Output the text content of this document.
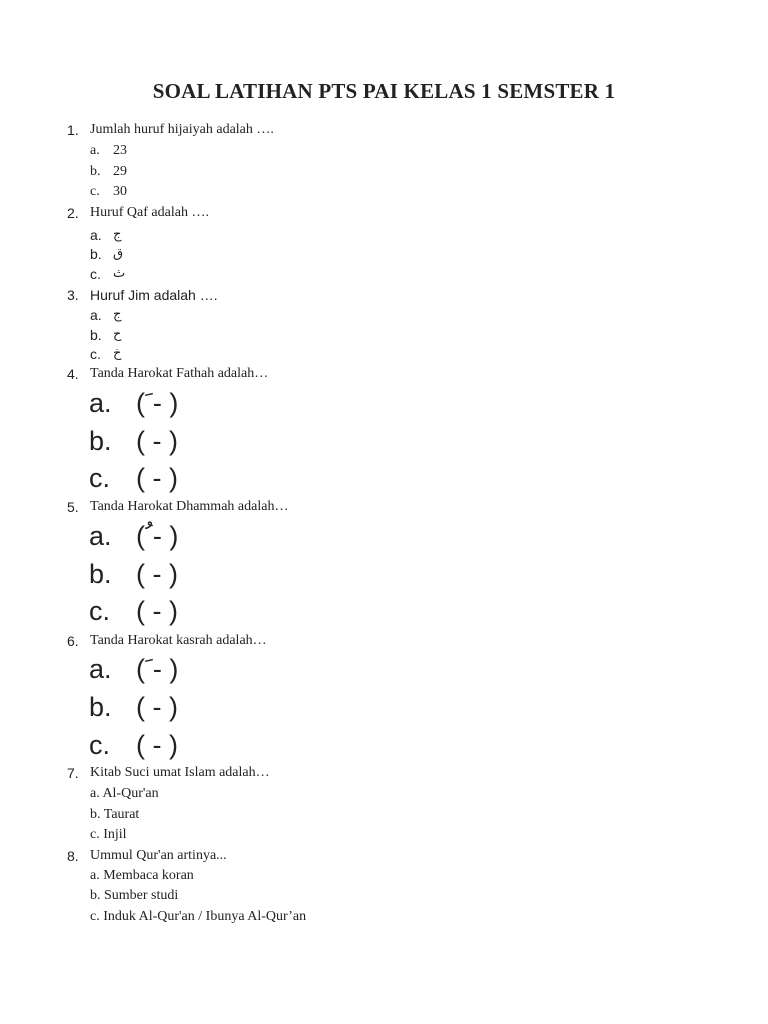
SOAL LATIHAN PTS PAI KELAS 1 SEMSTER 1
1. Jumlah huruf hijaiyah adalah ….
a. 23
b. 29
c. 30
2. Huruf Qaf adalah ….
a. ج
b. ق
c. ث
3. Huruf Jim adalah ….
a. ج
b. ح
c. خ
4. Tanda Harokat Fathah adalah…
a. ( َ- )
b. ( - )
c. ( - )
5. Tanda Harokat Dhammah adalah…
a. ( ُ- )
b. ( - )
c. ( - )
6. Tanda Harokat kasrah adalah…
a. ( َ- )
b. ( - )
c. ( - )
7. Kitab Suci umat Islam adalah…
a. Al-Qur'an
b. Taurat
c. Injil
8. Ummul Qur'an artinya...
a. Membaca koran
b. Sumber studi
c. Induk Al-Qur'an / Ibunya Al-Qur’an
